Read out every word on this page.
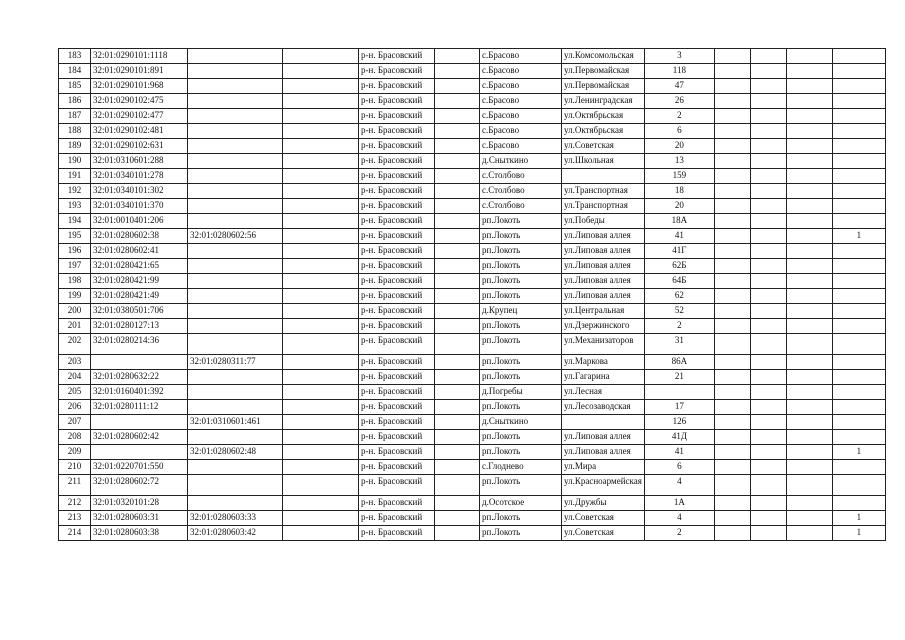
183	32:01:0290101:1118			р-н. Брасовский		с.Брасово	ул.Комсомольская	3				
184	32:01:0290101:891			р-н. Брасовский		с.Брасово	ул.Первомайская	118				
185	32:01:0290101:968			р-н. Брасовский		с.Брасово	ул.Первомайская	47				
186	32:01:0290102:475			р-н. Брасовский		с.Брасово	ул.Ленинградская	26				
187	32:01:0290102:477			р-н. Брасовский		с.Брасово	ул.Октябрьская	2				
188	32:01:0290102:481			р-н. Брасовский		с.Брасово	ул.Октябрьская	6				
189	32:01:0290102:631			р-н. Брасовский		с.Брасово	ул.Советская	20				
190	32:01:0310601:288			р-н. Брасовский		д.Сныткино	ул.Школьная	13				
191	32:01:0340101:278			р-н. Брасовский		с.Столбово		159				
192	32:01:0340101:302			р-н. Брасовский		с.Столбово	ул.Транспортная	18				
193	32:01:0340101:370			р-н. Брасовский		с.Столбово	ул.Транспортная	20				
194	32:01:0010401:206			р-н. Брасовский		рп.Локоть	ул.Победы	18А				
195	32:01:0280602:38	32:01:0280602:56		р-н. Брасовский		рп.Локоть	ул.Липовая аллея	41				1
196	32:01:0280602:41			р-н. Брасовский		рп.Локоть	ул.Липовая аллея	41Г				
197	32:01:0280421:65			р-н. Брасовский		рп.Локоть	ул.Липовая аллея	62Б				
198	32:01:0280421:99			р-н. Брасовский		рп.Локоть	ул.Липовая аллея	64Б				
199	32:01:0280421:49			р-н. Брасовский		рп.Локоть	ул.Липовая аллея	62				
200	32:01:0380501:706			р-н. Брасовский		д.Крупец	ул.Центральная	52				
201	32:01:0280127:13			р-н. Брасовский		рп.Локоть	ул.Дзержинского	2				
202	32:01:0280214:36			р-н. Брасовский		рп.Локоть	ул.Механизаторов	31				
203		32:01:0280311:77		р-н. Брасовский		рп.Локоть	ул.Маркова	86А				
204	32:01:0280632:22			р-н. Брасовский		рп.Локоть	ул.Гагарина	21				
205	32:01:0160401:392			р-н. Брасовский		д.Погребы	ул.Лесная					
206	32:01:0280111:12			р-н. Брасовский		рп.Локоть	ул.Лесозаводская	17				
207		32:01:0310601:461		р-н. Брасовский		д.Сныткино		126				
208	32:01:0280602:42			р-н. Брасовский		рп.Локоть	ул.Липовая аллея	41Д				
209		32:01:0280602:48		р-н. Брасовский		рп.Локоть	ул.Липовая аллея	41				1
210	32:01:0220701:550			р-н. Брасовский		с.Глоднево	ул.Мира	6				
211	32:01:0280602:72			р-н. Брасовский		рп.Локоть	ул.Красноармейская	4				
212	32:01:0320101:28			р-н. Брасовский		д.Осотское	ул.Дружбы	1А				
213	32:01:0280603:31	32:01:0280603:33		р-н. Брасовский		рп.Локоть	ул.Советская	4				1
214	32:01:0280603:38	32:01:0280603:42		р-н. Брасовский		рп.Локоть	ул.Советская	2				1
